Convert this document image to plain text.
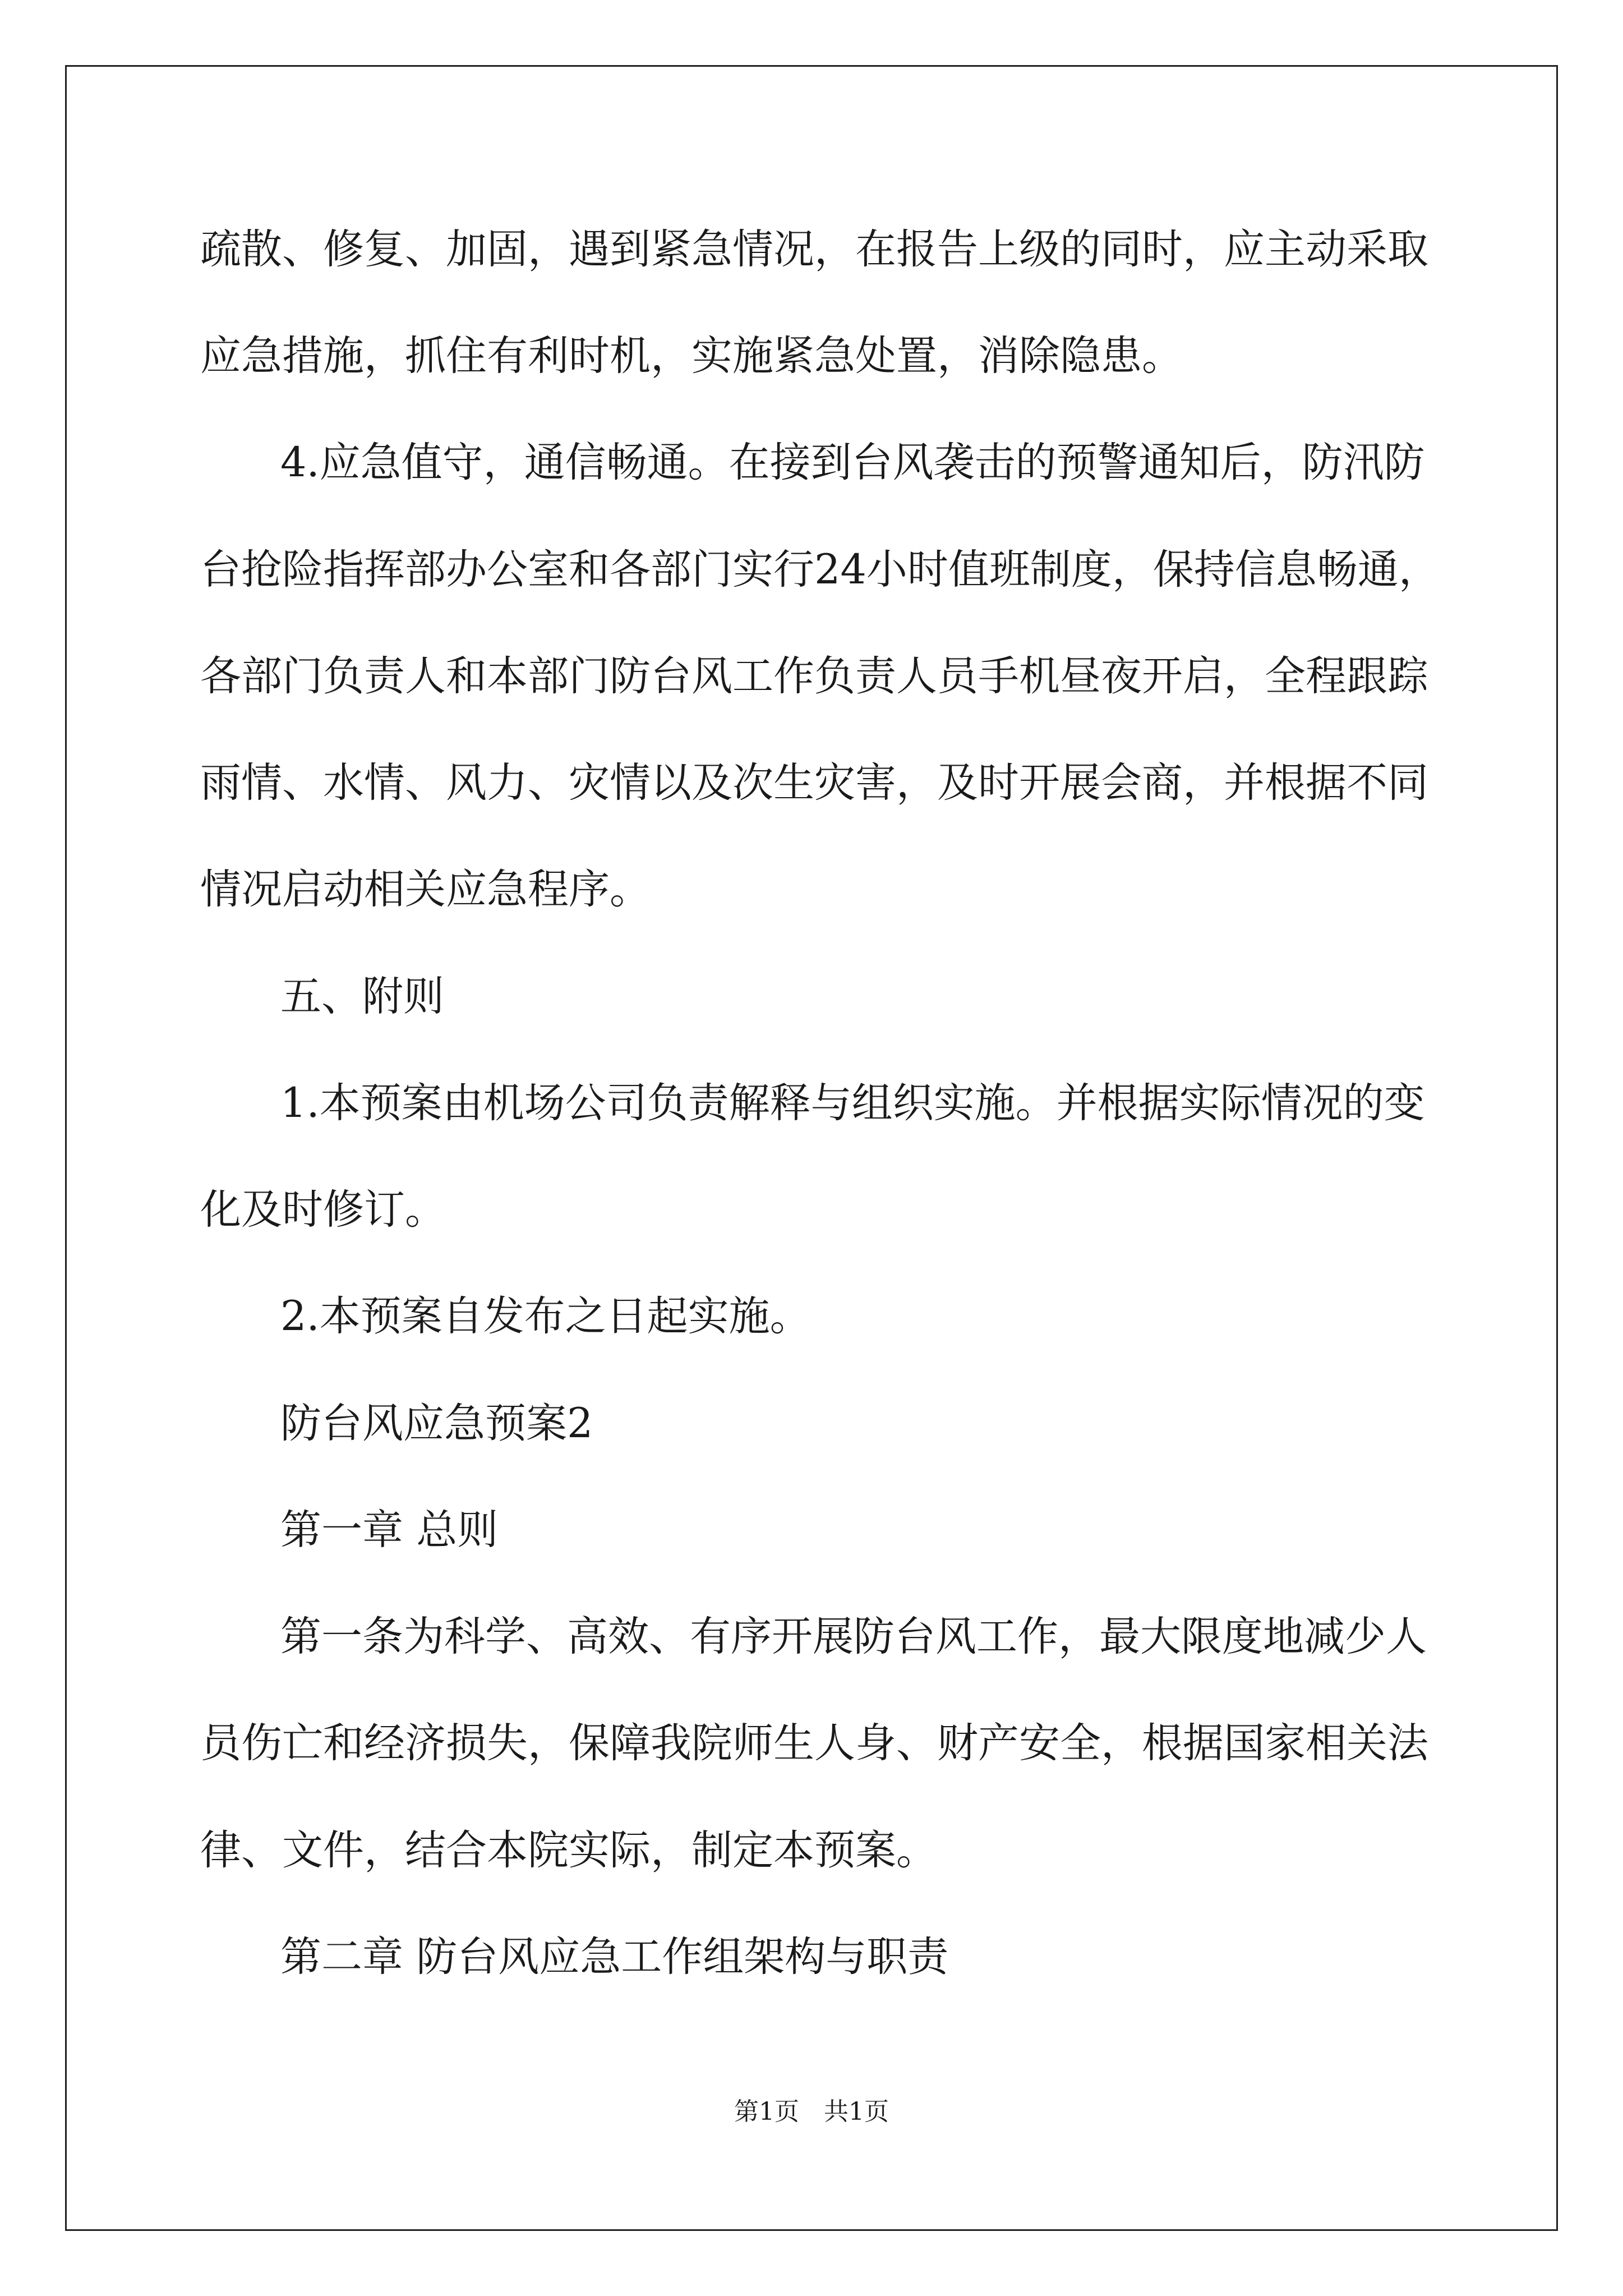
疏散、修复、加固，遇到紧急情况，在报告上级的同时，应主动采取
应急措施，抓住有利时机，实施紧急处置，消除隐患。
4.应急值守，通信畅通。在接到台风袭击的预警通知后，防汛防
台抢险指挥部办公室和各部门实行24小时值班制度，保持信息畅通，
各部门负责人和本部门防台风工作负责人员手机昼夜开启，全程跟踪
雨情、水情、风力、灾情以及次生灾害，及时开展会商，并根据不同
情况启动相关应急程序。
五、附则
1.本预案由机场公司负责解释与组织实施。并根据实际情况的变
化及时修订。
2.本预案自发布之日起实施。
防台风应急预案2
第一章 总则
第一条为科学、高效、有序开展防台风工作，最大限度地减少人
员伤亡和经济损失，保障我院师生人身、财产安全，根据国家相关法
律、文件，结合本院实际，制定本预案。
第二章 防台风应急工作组架构与职责
第1页　共1页
